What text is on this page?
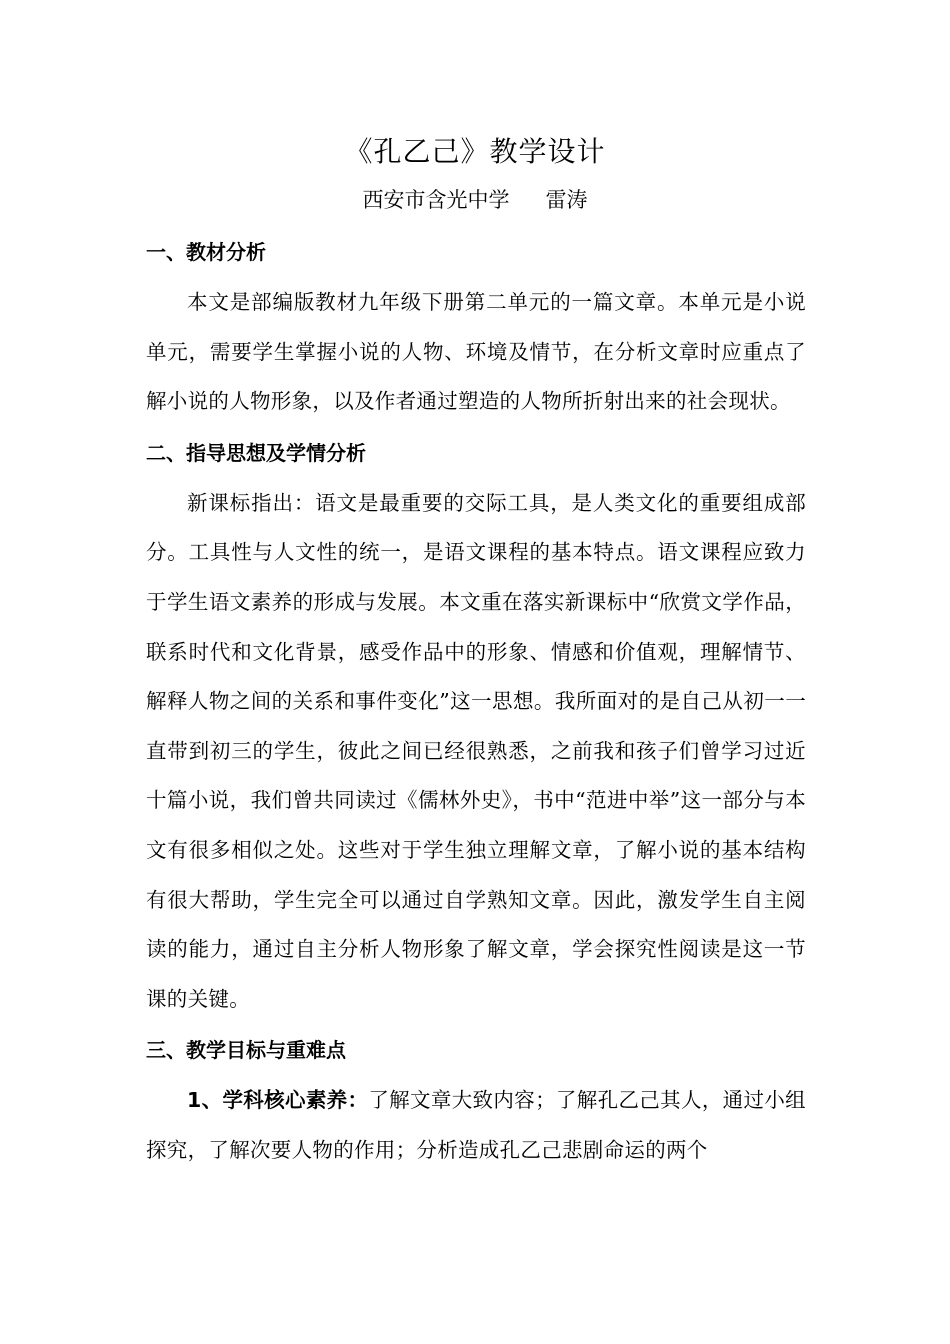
《孔乙己》教学设计
西安市含光中学 雷涛
一、教材分析

本文是部编版教材九年级下册第二单元的一篇文章。本单元是小说单元，需要学生掌握小说的人物、环境及情节，在分析文章时应重点了解小说的人物形象，以及作者通过塑造的人物所折射出来的社会现状。

二、指导思想及学情分析

新课标指出：语文是最重要的交际工具，是人类文化的重要组成部分。工具性与人文性的统一，是语文课程的基本特点。语文课程应致力于学生语文素养的形成与发展。本文重在落实新课标中“欣赏文学作品，联系时代和文化背景，感受作品中的形象、情感和价值观，理解情节、解释人物之间的关系和事件变化”这一思想。我所面对的是自己从初一一直带到初三的学生，彼此之间已经很熟悉，之前我和孩子们曾学习过近十篇小说，我们曾共同读过《儒林外史》，书中“范进中举”这一部分与本文有很多相似之处。这些对于学生独立理解文章，了解小说的基本结构有很大帮助，学生完全可以通过自学熟知文章。因此，激发学生自主阅读的能力，通过自主分析人物形象了解文章，学会探究性阅读是这一节课的关键。

三、教学目标与重难点

1、学科核心素养：了解文章大致内容；了解孔乙己其人，通过小组探究，了解次要人物的作用；分析造成孔乙己悲剧命运的两个
